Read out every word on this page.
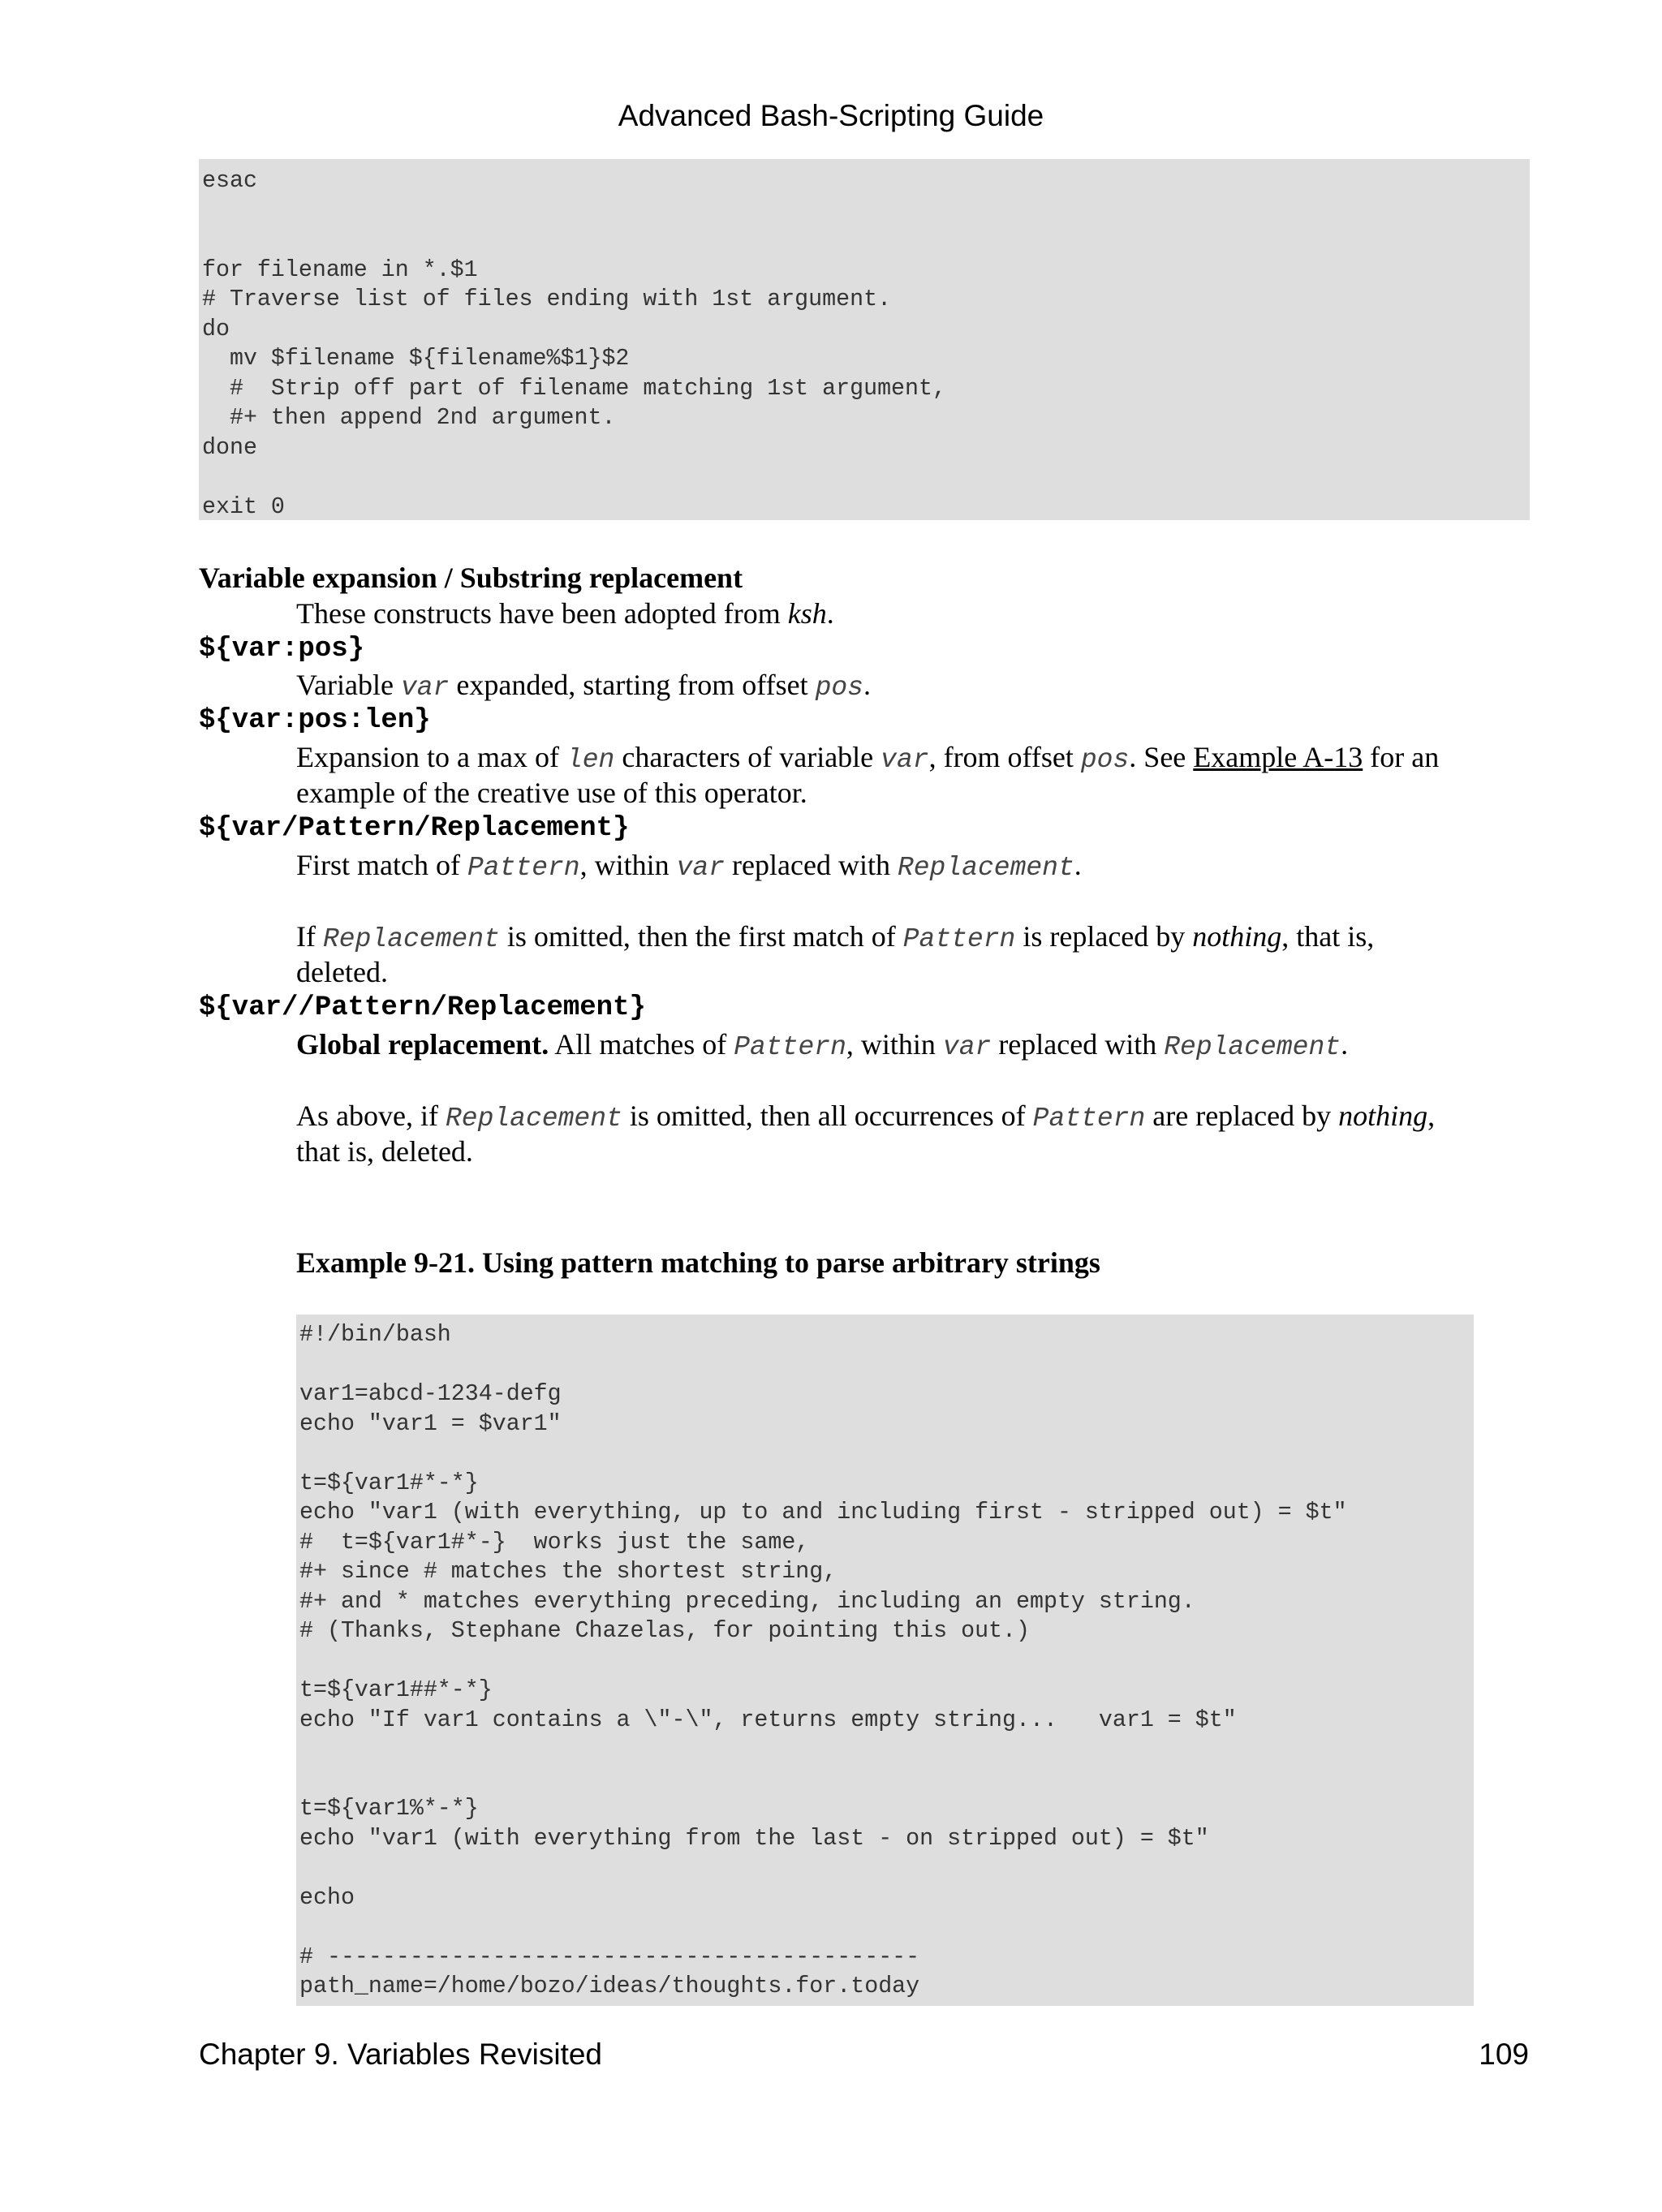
Advanced Bash-Scripting Guide
esac
for filename in *.$1
# Traverse list of files ending with 1st argument.
do
mv $filename ${filename%$1}$2
#  Strip off part of filename matching 1st argument,
#+ then append 2nd argument.
done
exit 0
Variable expansion / Substring replacement
These constructs have been adopted from ksh.
${var:pos}
Variable var expanded, starting from offset pos.
${var:pos:len}
Expansion to a max of len characters of variable var, from offset pos. See Example A-13 for an
example of the creative use of this operator.
${var/Pattern/Replacement}
First match of Pattern, within var replaced with Replacement.
If Replacement is omitted, then the first match of Pattern is replaced by nothing, that is,
deleted.
${var//Pattern/Replacement}
Global replacement. All matches of Pattern, within var replaced with Replacement.
As above, if Replacement is omitted, then all occurrences of Pattern are replaced by nothing,
that is, deleted.
Example 9-21. Using pattern matching to parse arbitrary strings
#!/bin/bash
var1=abcd-1234-defg
echo "var1 = $var1"
t=${var1#*-*}
echo "var1 (with everything, up to and including first - stripped out) = $t"
#  t=${var1#*-}  works just the same,
#+ since # matches the shortest string,
#+ and * matches everything preceding, including an empty string.
# (Thanks, Stephane Chazelas, for pointing this out.)
t=${var1##*-*}
echo "If var1 contains a \"-\", returns empty string...   var1 = $t"
t=${var1%*-*}
echo "var1 (with everything from the last - on stripped out) = $t"
echo
# -------------------------------------------
path_name=/home/bozo/ideas/thoughts.for.today
Chapter 9. Variables Revisited	109
